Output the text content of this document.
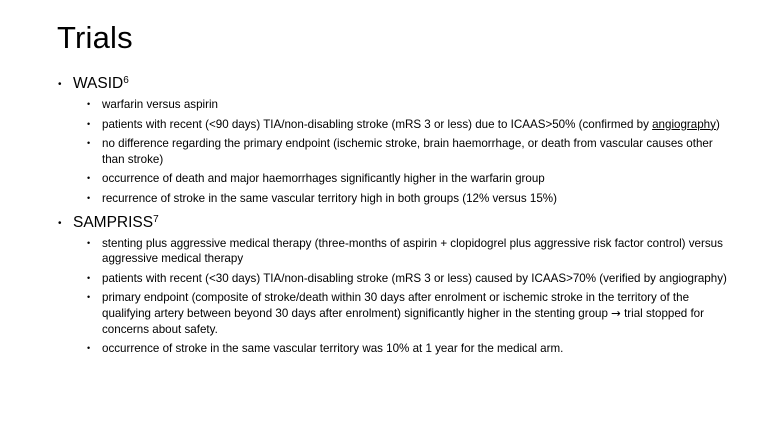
Trials
• WASID$^6$
• warfarin versus aspirin
• patients with recent (<90 days) TIA/non-disabling stroke (mRS 3 or less) due to ICAAS>50% (confirmed by angiography)
• no difference regarding the primary endpoint (ischemic stroke, brain haemorrhage, or death from vascular causes other than stroke)
• occurrence of death and major haemorrhages significantly higher in the warfarin group
• recurrence of stroke in the same vascular territory high in both groups (12% versus 15%)
• SAMPRISS$^7$
• stenting plus aggressive medical therapy (three-months of aspirin + clopidogrel plus aggressive risk factor control) versus aggressive medical therapy
• patients with recent (<30 days) TIA/non-disabling stroke (mRS 3 or less) caused by ICAAS>70% (verified by angiography)
• primary endpoint (composite of stroke/death within 30 days after enrolment or ischemic stroke in the territory of the qualifying artery between beyond 30 days after enrolment) significantly higher in the stenting group → trial stopped for concerns about safety.
• occurrence of stroke in the same vascular territory was 10% at 1 year for the medical arm.
